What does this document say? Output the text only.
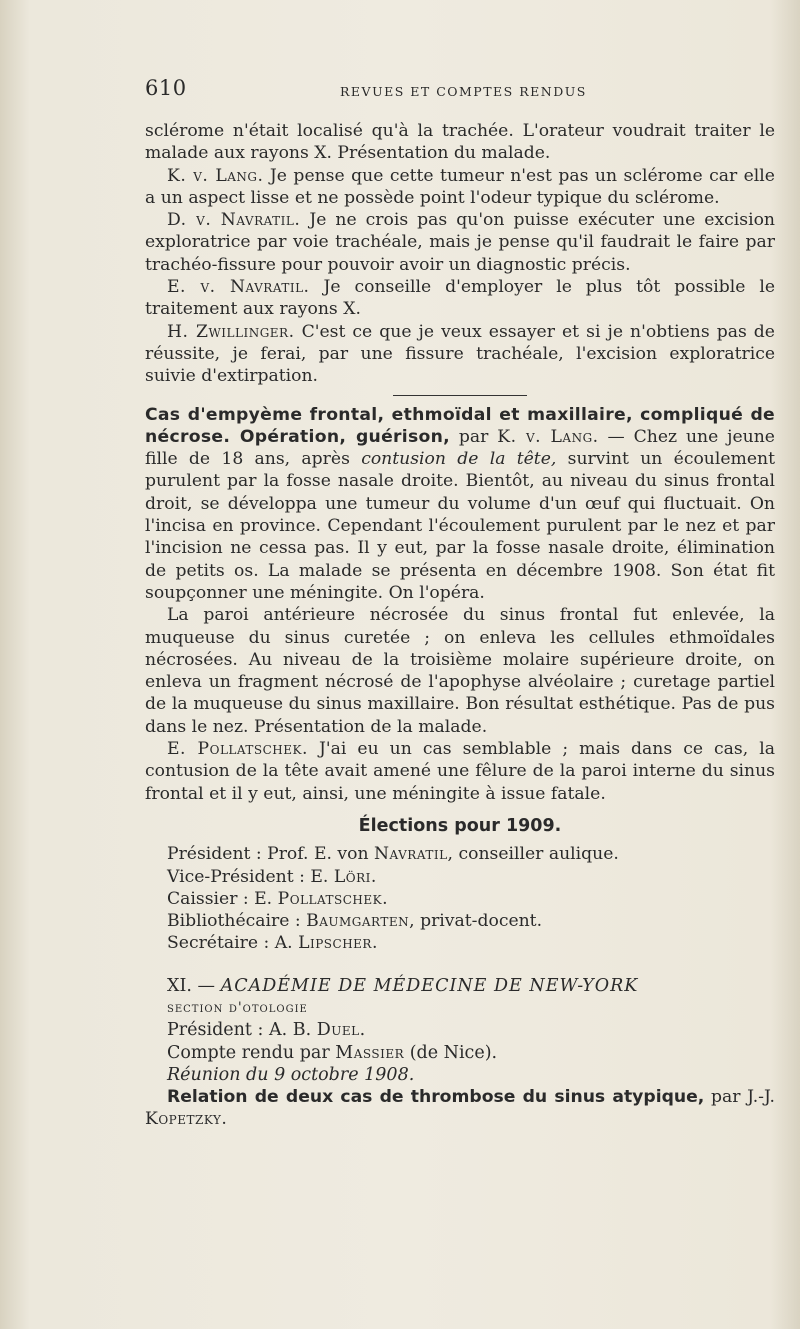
610	REVUES ET COMPTES RENDUS

sclérome n'était localisé qu'à la trachée. L'orateur voudrait traiter le malade aux rayons X. Présentation du malade.

K. v. Lang. Je pense que cette tumeur n'est pas un sclérome car elle a un aspect lisse et ne possède point l'odeur typique du sclérome.

D. v. Navratil. Je ne crois pas qu'on puisse exécuter une excision exploratrice par voie trachéale, mais je pense qu'il faudrait le faire par trachéo-fissure pour pouvoir avoir un diagnostic précis.

E. v. Navratil. Je conseille d'employer le plus tôt possible le traitement aux rayons X.

H. Zwillinger. C'est ce que je veux essayer et si je n'obtiens pas de réussite, je ferai, par une fissure trachéale, l'excision exploratrice suivie d'extirpation.

Cas d'empyème frontal, ethmoïdal et maxillaire, compliqué de nécrose. Opération, guérison, par K. v. Lang. — Chez une jeune fille de 18 ans, après contusion de la tête, survint un écoulement purulent par la fosse nasale droite. Bientôt, au niveau du sinus frontal droit, se développa une tumeur du volume d'un œuf qui fluctuait. On l'incisa en province. Cependant l'écoulement purulent par le nez et par l'incision ne cessa pas. Il y eut, par la fosse nasale droite, élimination de petits os. La malade se présenta en décembre 1908. Son état fit soupçonner une méningite. On l'opéra.

La paroi antérieure nécrosée du sinus frontal fut enlevée, la muqueuse du sinus curetée ; on enleva les cellules ethmoïdales nécrosées. Au niveau de la troisième molaire supérieure droite, on enleva un fragment nécrosé de l'apophyse alvéolaire ; curetage partiel de la muqueuse du sinus maxillaire. Bon résultat esthétique. Pas de pus dans le nez. Présentation de la malade.

E. Pollatschek. J'ai eu un cas semblable ; mais dans ce cas, la contusion de la tête avait amené une fêlure de la paroi interne du sinus frontal et il y eut, ainsi, une méningite à issue fatale.

Élections pour 1909.

Président : Prof. E. von Navratil, conseiller aulique.

Vice-Président : E. Löri.

Caissier : E. Pollatschek.

Bibliothécaire : Baumgarten, privat-docent.

Secrétaire : A. Lipscher.

XI. — ACADÉMIE DE MÉDECINE DE NEW-YORK

section d'otologie

Président : A. B. Duel.

Compte rendu par Massier (de Nice).

Réunion du 9 octobre 1908.

Relation de deux cas de thrombose du sinus atypique, par J.-J. Kopetzky.
